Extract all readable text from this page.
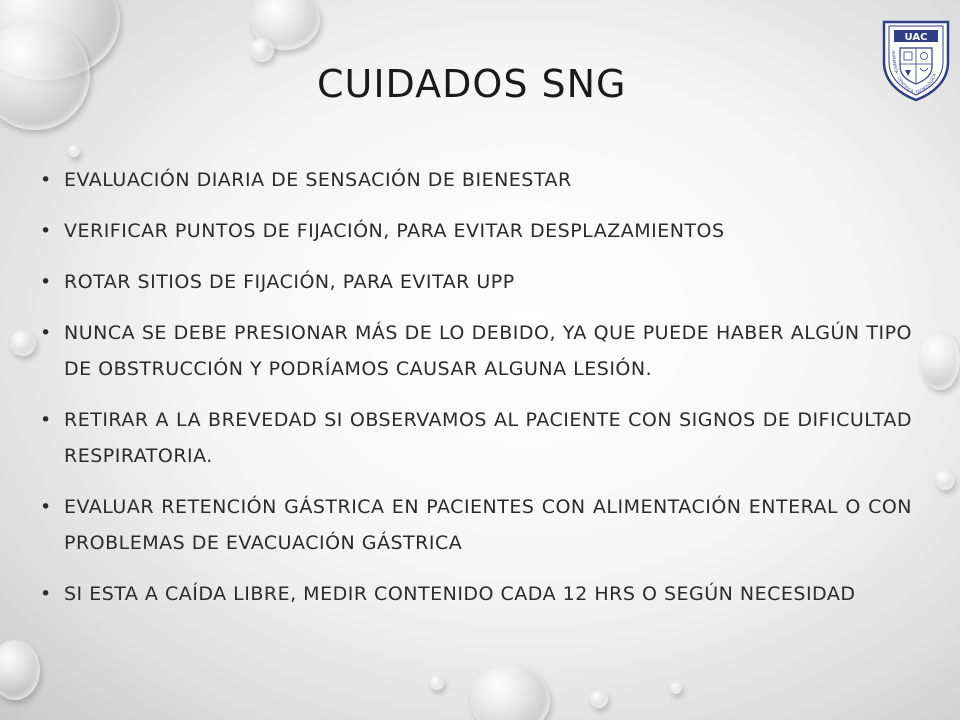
CUIDADOS SNG
• EVALUACIÓN DIARIA DE SENSACIÓN DE BIENESTAR
• VERIFICAR PUNTOS DE FIJACIÓN, PARA EVITAR DESPLAZAMIENTOS
• ROTAR SITIOS DE FIJACIÓN, PARA EVITAR UPP
• NUNCA SE DEBE PRESIONAR MÁS DE LO DEBIDO, YA QUE PUEDE HABER ALGÚN TIPO DE OBSTRUCCIÓN Y PODRÍAMOS CAUSAR ALGUNA LESIÓN.
• RETIRAR A LA BREVEDAD SI OBSERVAMOS AL PACIENTE CON SIGNOS DE DIFICULTAD RESPIRATORIA.
• EVALUAR RETENCIÓN GÁSTRICA EN PACIENTES CON ALIMENTACIÓN ENTERAL O CON PROBLEMAS DE EVACUACIÓN GÁSTRICA
• SI ESTA A CAÍDA LIBRE, MEDIR CONTENIDO CADA 12 HRS O SEGÚN NECESIDAD
UAC
HUMANISTA · CIENTÍFICA · TECNOLÓGICA
